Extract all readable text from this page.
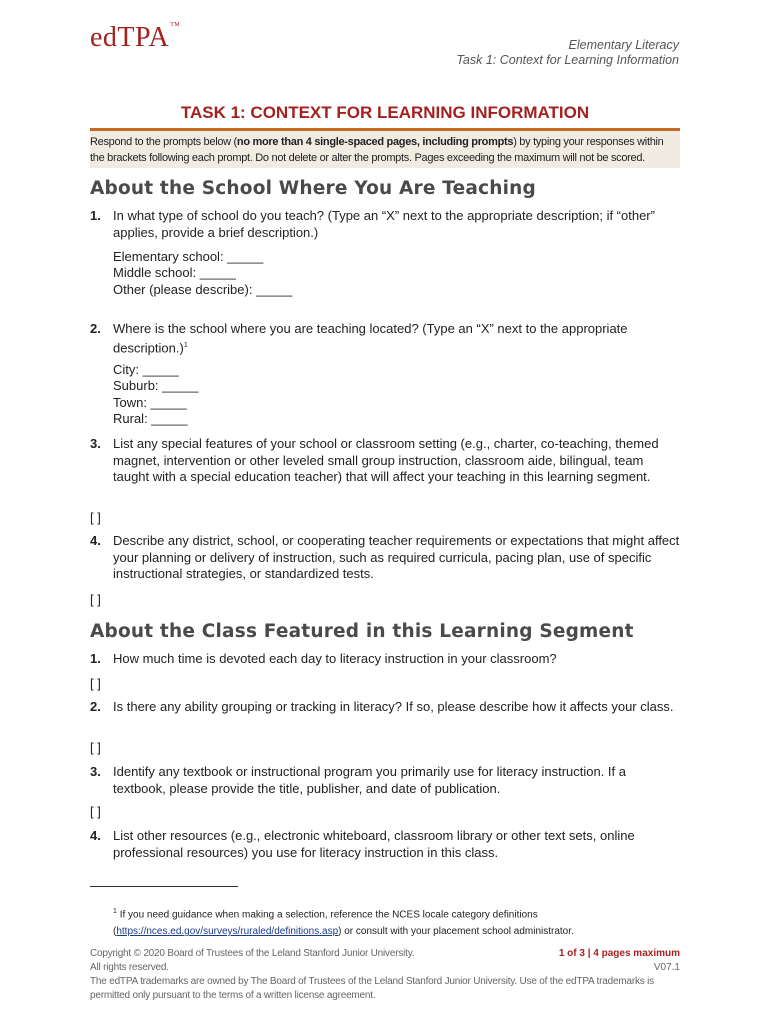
edTPA™
Elementary Literacy
Task 1: Context for Learning Information
TASK 1: CONTEXT FOR LEARNING INFORMATION
Respond to the prompts below (no more than 4 single-spaced pages, including prompts) by typing your responses within the brackets following each prompt. Do not delete or alter the prompts. Pages exceeding the maximum will not be scored.
About the School Where You Are Teaching
1. In what type of school do you teach? (Type an “X” next to the appropriate description; if “other” applies, provide a brief description.)
Elementary school: _____
Middle school: _____
Other (please describe): _____
2. Where is the school where you are teaching located? (Type an “X” next to the appropriate description.)$^1$
City: _____
Suburb: _____
Town: _____
Rural: _____
3. List any special features of your school or classroom setting (e.g., charter, co-teaching, themed magnet, intervention or other leveled small group instruction, classroom aide, bilingual, team taught with a special education teacher) that will affect your teaching in this learning segment.
[ ]
4. Describe any district, school, or cooperating teacher requirements or expectations that might affect your planning or delivery of instruction, such as required curricula, pacing plan, use of specific instructional strategies, or standardized tests.
[ ]
About the Class Featured in this Learning Segment
1. How much time is devoted each day to literacy instruction in your classroom?
[ ]
2. Is there any ability grouping or tracking in literacy? If so, please describe how it affects your class.
[ ]
3. Identify any textbook or instructional program you primarily use for literacy instruction. If a textbook, please provide the title, publisher, and date of publication.
[ ]
4. List other resources (e.g., electronic whiteboard, classroom library or other text sets, online professional resources) you use for literacy instruction in this class.
$^1$ If you need guidance when making a selection, reference the NCES locale category definitions (https://nces.ed.gov/surveys/ruraled/definitions.asp) or consult with your placement school administrator.
Copyright © 2020 Board of Trustees of the Leland Stanford Junior University.
All rights reserved.
The edTPA trademarks are owned by The Board of Trustees of the Leland Stanford Junior University. Use of the edTPA trademarks is permitted only pursuant to the terms of a written license agreement.
1 of 3 | 4 pages maximum
V07.1
